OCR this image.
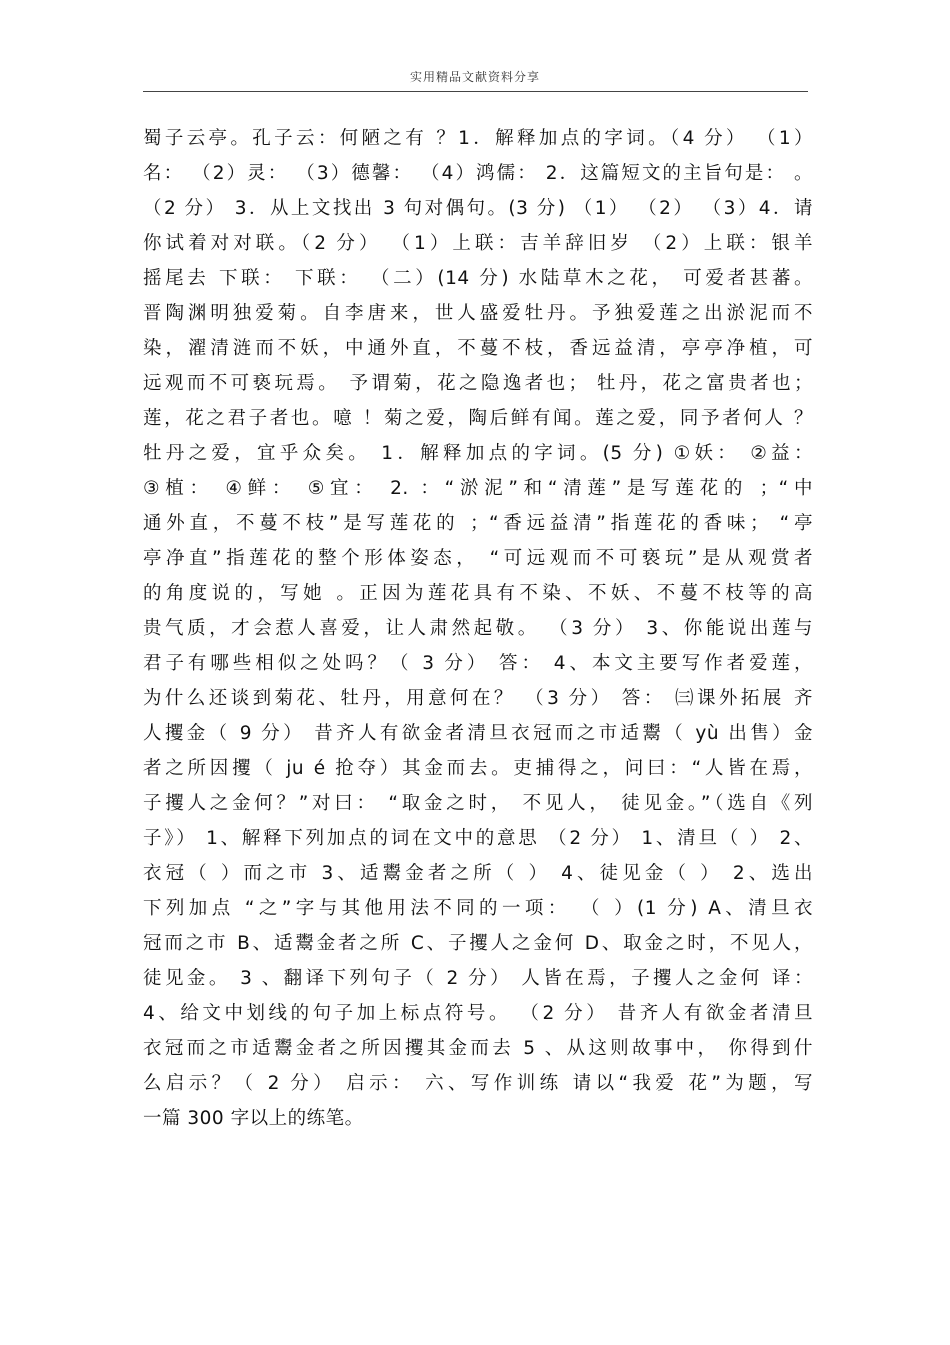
实用精品文献资料分享
蜀子云亭。孔子云：何陋之有 ？1．解释加点的字词。（4 分） （1）
名： （2）灵： （3）德馨： （4）鸿儒： 2．这篇短文的主旨句是： 。
（2 分） 3．从上文找出 3 句对偶句。(3 分) （1） （2） （3）4．请
你试着对对联。（2 分） （1）上联：吉羊辞旧岁 （2）上联：银羊
摇尾去 下联： 下联： （二）(14 分) 水陆草木之花， 可爱者甚蕃。
晋陶渊明独爱菊。自李唐来，世人盛爱牡丹。予独爱莲之出淤泥而不
染，濯清涟而不妖，中通外直，不蔓不枝，香远益清，亭亭净植，可
远观而不可亵玩焉。 予谓菊，花之隐逸者也； 牡丹，花之富贵者也；
莲，花之君子者也。噫 ！菊之爱，陶后鲜有闻。莲之爱，同予者何人 ？
牡丹之爱，宜乎众矣。 1．解释加点的字词。(5 分) ①妖： ②益：
③植： ④鲜： ⑤宜： 2. ：“淤泥”和“清莲”是写莲花的 ；“中
通外直，不蔓不枝”是写莲花的 ；“香远益清”指莲花的香味； “亭
亭净直”指莲花的整个形体姿态， “可远观而不可亵玩”是从观赏者
的角度说的，写她 。正因为莲花具有不染、不妖、不蔓不枝等的高
贵气质，才会惹人喜爱，让人肃然起敬。 （3 分） 3、你能说出莲与
君子有哪些相似之处吗？（ 3 分） 答： 4、本文主要写作者爱莲，
为什么还谈到菊花、牡丹，用意何在？ （3 分） 答： ㈢课外拓展 齐
人攫金（ 9 分） 昔齐人有欲金者清旦衣冠而之市适鬻（ yù 出售）金
者之所因攫（ ju é 抢夺）其金而去。吏捕得之，问曰：“人皆在焉，
子攫人之金何？”对曰： “取金之时， 不见人， 徒见金。”（选自《列
子》） 1、解释下列加点的词在文中的意思 （2 分） 1、清旦（ ） 2、
衣冠（ ）而之市 3、适鬻金者之所（ ） 4、徒见金（ ） 2、选出
下列加点 “之”字与其他用法不同的一项： （ ）(1 分) A、清旦衣
冠而之市 B、适鬻金者之所 C、子攫人之金何 D、取金之时，不见人，
徒见金。 3 、翻译下列句子（ 2 分） 人皆在焉，子攫人之金何 译：
4、给文中划线的句子加上标点符号。 （2 分） 昔齐人有欲金者清旦
衣冠而之市适鬻金者之所因攫其金而去 5 、从这则故事中， 你得到什
么启示？（ 2 分） 启示： 六、写作训练 请以“我爱 花”为题，写
一篇 300 字以上的练笔。
